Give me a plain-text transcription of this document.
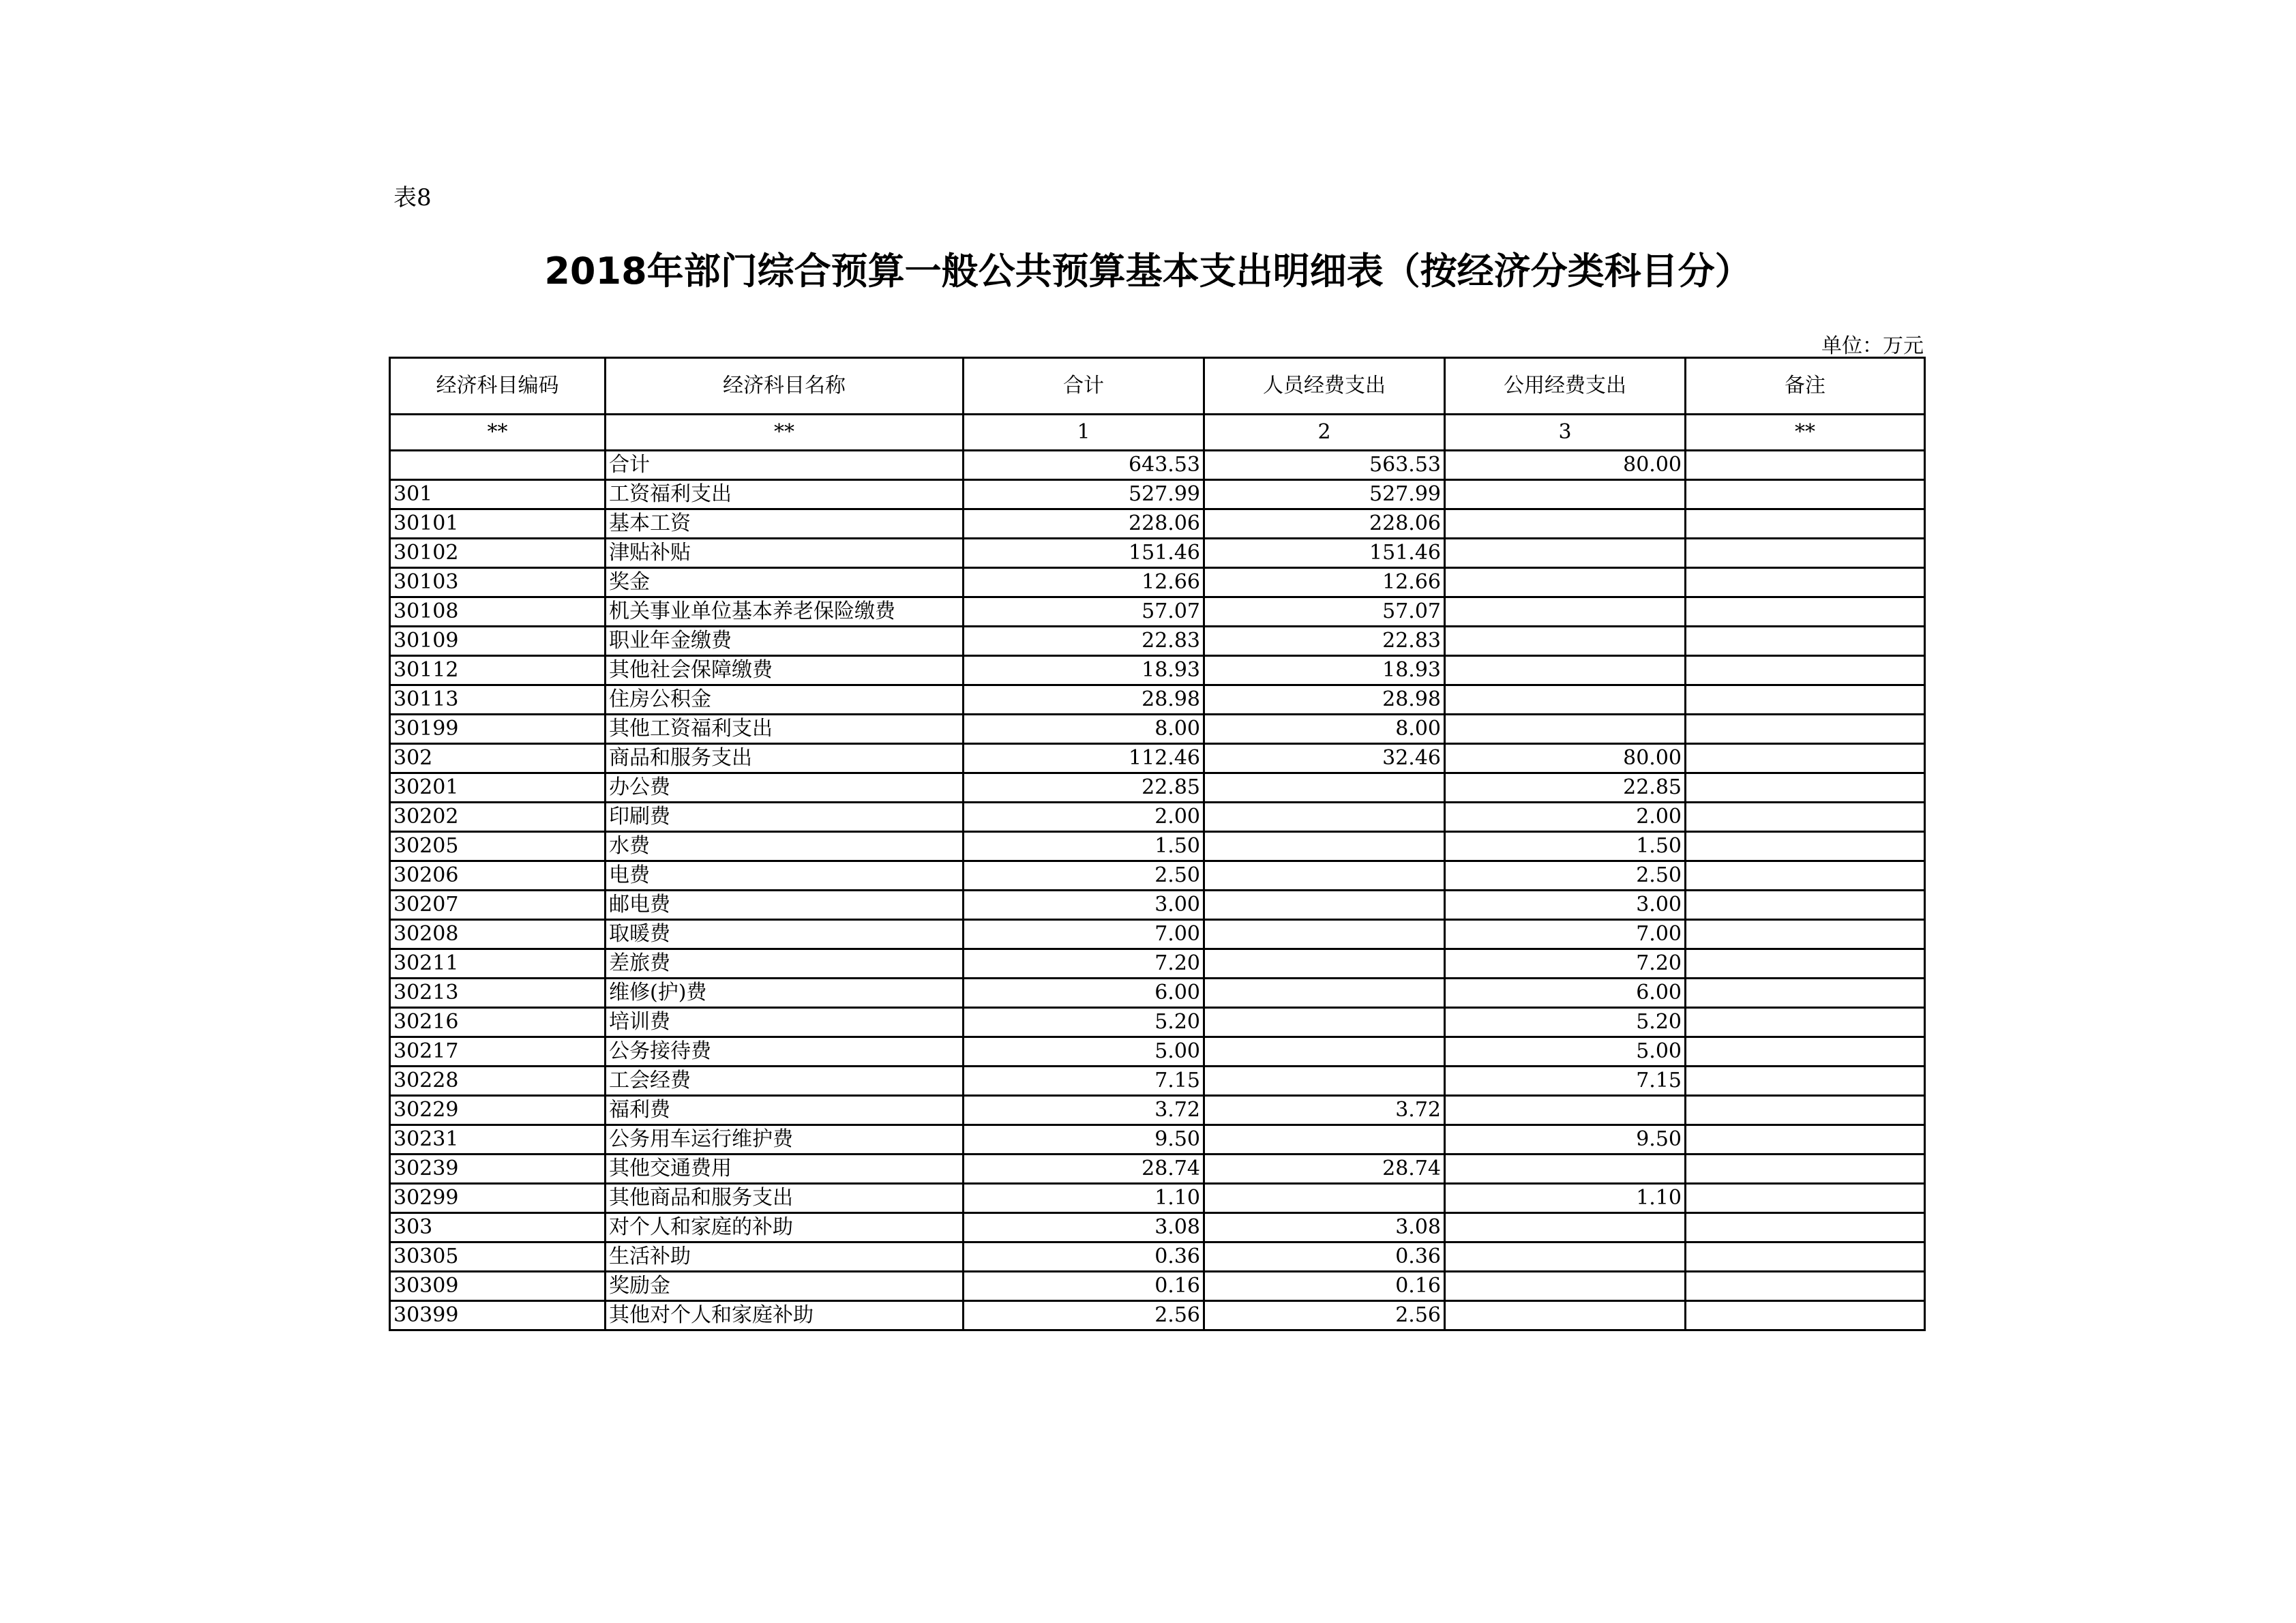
表8
2018年部门综合预算一般公共预算基本支出明细表（按经济分类科目分）
单位：万元
经济科目编码	经济科目名称	合计	人员经费支出	公用经费支出	备注
**	**	1	2	3	**
	合计	643.53	563.53	80.00	
301	工资福利支出	527.99	527.99		
30101	基本工资	228.06	228.06		
30102	津贴补贴	151.46	151.46		
30103	奖金	12.66	12.66		
30108	机关事业单位基本养老保险缴费	57.07	57.07		
30109	职业年金缴费	22.83	22.83		
30112	其他社会保障缴费	18.93	18.93		
30113	住房公积金	28.98	28.98		
30199	其他工资福利支出	8.00	8.00		
302	商品和服务支出	112.46	32.46	80.00	
30201	办公费	22.85		22.85	
30202	印刷费	2.00		2.00	
30205	水费	1.50		1.50	
30206	电费	2.50		2.50	
30207	邮电费	3.00		3.00	
30208	取暖费	7.00		7.00	
30211	差旅费	7.20		7.20	
30213	维修(护)费	6.00		6.00	
30216	培训费	5.20		5.20	
30217	公务接待费	5.00		5.00	
30228	工会经费	7.15		7.15	
30229	福利费	3.72	3.72		
30231	公务用车运行维护费	9.50		9.50	
30239	其他交通费用	28.74	28.74		
30299	其他商品和服务支出	1.10		1.10	
303	对个人和家庭的补助	3.08	3.08		
30305	生活补助	0.36	0.36		
30309	奖励金	0.16	0.16		
30399	其他对个人和家庭补助	2.56	2.56		
